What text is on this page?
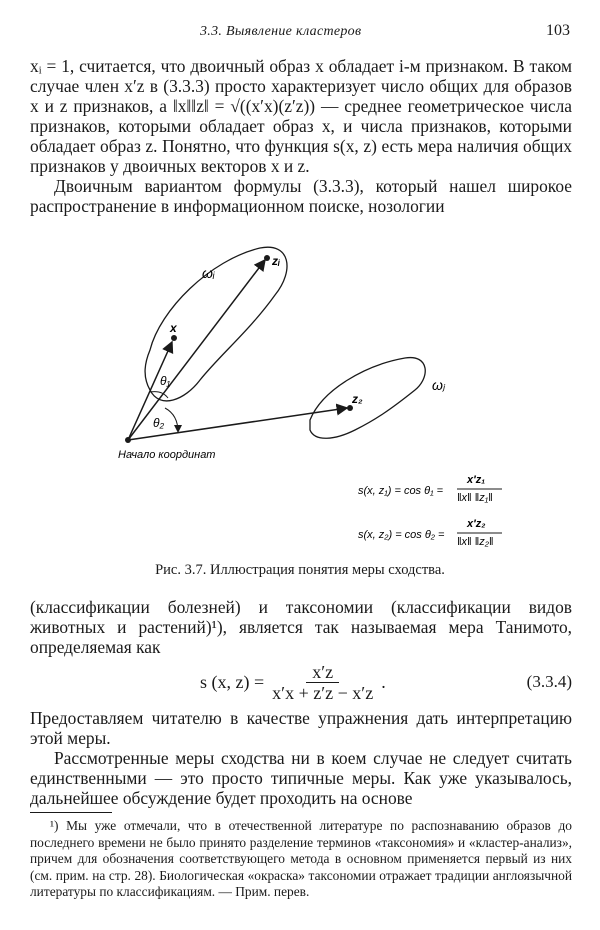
3.3. Выявление кластеров	103

xᵢ = 1, считается, что двоичный образ x обладает i-м признаком. В таком случае член x′z в (3.3.3) просто характеризует число общих для образов x и z признаков, а ‖x‖‖z‖ = √((x′x)(z′z)) — среднее геометрическое числа признаков, которыми обладает образ x, и числа признаков, которыми обладает образ z. Понятно, что функция s(x, z) есть мера наличия общих признаков у двоичных векторов x и z.

Двоичным вариантом формулы (3.3.3), который нашел широкое распространение в информационном поиске, нозологии

ωᵢ
ωⱼ
x
zᵢ
z₂
θ₁
θ₂
Начало координат
s(x, z₁) = cos θ₁ =
x′z₁
‖x‖ ‖z₁‖
s(x, z₂) = cos θ₂ =
x′z₂
‖x‖ ‖z₂‖
Рис. 3.7. Иллюстрация понятия меры сходства.

(классификации болезней) и таксономии (классификации видов животных и растений)¹), является так называемая мера Танимото, определяемая как

s (x, $z) = \frac{x'z}{x'x + z'z - x'z}$ .	(3.3.4)

Предоставляем читателю в качестве упражнения дать интерпретацию этой меры.

Рассмотренные меры сходства ни в коем случае не следует считать единственными — это просто типичные меры. Как уже указывалось, дальнейшее обсуждение будет проходить на основе

¹) Мы уже отмечали, что в отечественной литературе по распознаванию образов до последнего времени не было принято разделение терминов «таксономия» и «кластер-анализ», причем для обозначения соответствующего метода в основном применяется первый из них (см. прим. на стр. 28). Биологическая «окраска» таксономии отражает традиции англоязычной литературы по классификациям. — Прим. перев.
